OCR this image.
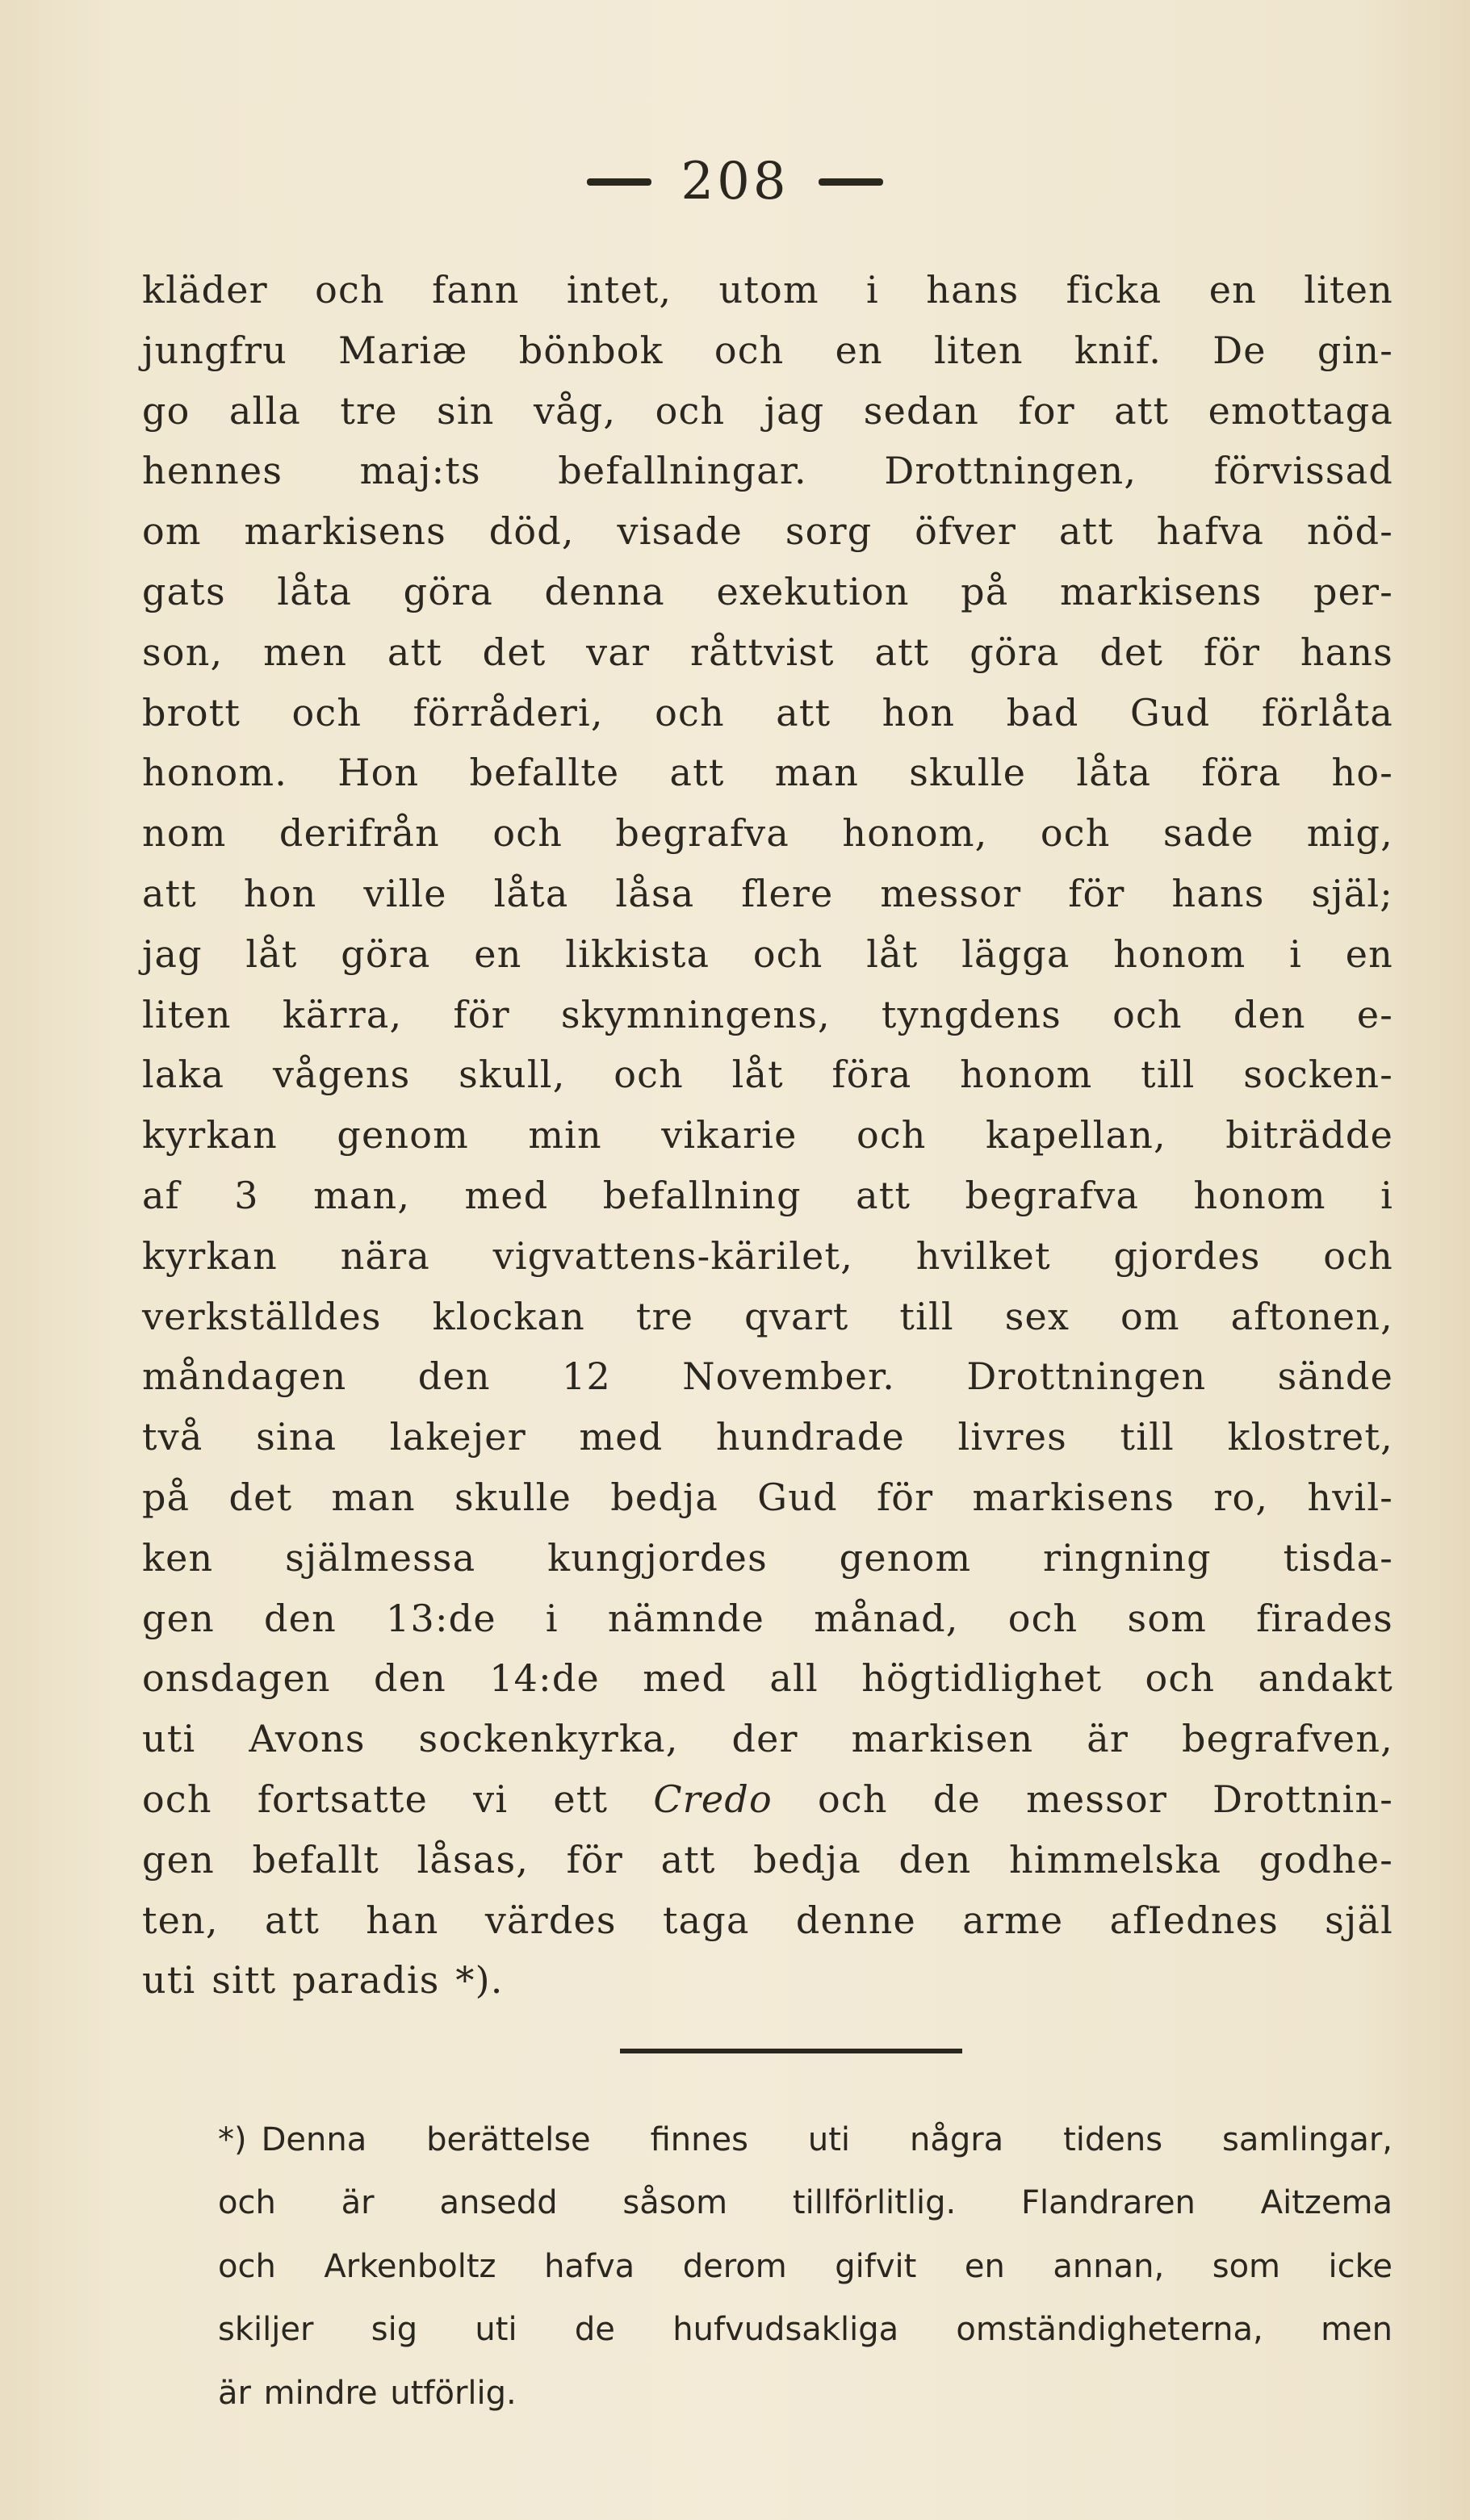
208
kläder och fann intet, utom i hans ficka en liten
jungfru Mariæ bönbok och en liten knif. De gin-
go alla tre sin våg, och jag sedan for att emottaga
hennes maj:ts befallningar. Drottningen, förvissad
om markisens död, visade sorg öfver att hafva nöd-
gats låta göra denna exekution på markisens per-
son, men att det var råttvist att göra det för hans
brott och förråderi, och att hon bad Gud förlåta
honom. Hon befallte att man skulle låta föra ho-
nom derifrån och begrafva honom, och sade mig,
att hon ville låta låsa flere messor för hans själ;
jag låt göra en likkista och låt lägga honom i en
liten kärra, för skymningens, tyngdens och den e-
laka vågens skull, och låt föra honom till socken-
kyrkan genom min vikarie och kapellan, biträdde
af 3 man, med befallning att begrafva honom i
kyrkan nära vigvattens-kärilet, hvilket gjordes och
verkställdes klockan tre qvart till sex om aftonen,
måndagen den 12 November. Drottningen sände
två sina lakejer med hundrade livres till klostret,
på det man skulle bedja Gud för markisens ro, hvil-
ken själmessa kungjordes genom ringning tisda-
gen den 13:de i nämnde månad, och som firades
onsdagen den 14:de med all högtidlighet och andakt
uti Avons sockenkyrka, der markisen är begrafven,
och fortsatte vi ett Credo och de messor Drottnin-
gen befallt låsas, för att bedja den himmelska godhe-
ten, att han värdes taga denne arme afIednes själ
uti sitt paradis *).
*) Denna berättelse finnes uti några tidens samlingar,
och är ansedd såsom tillförlitlig. Flandraren Aitzema
och Arkenboltz hafva derom gifvit en annan, som icke
skiljer sig uti de hufvudsakliga omständigheterna, men
är mindre utförlig.
